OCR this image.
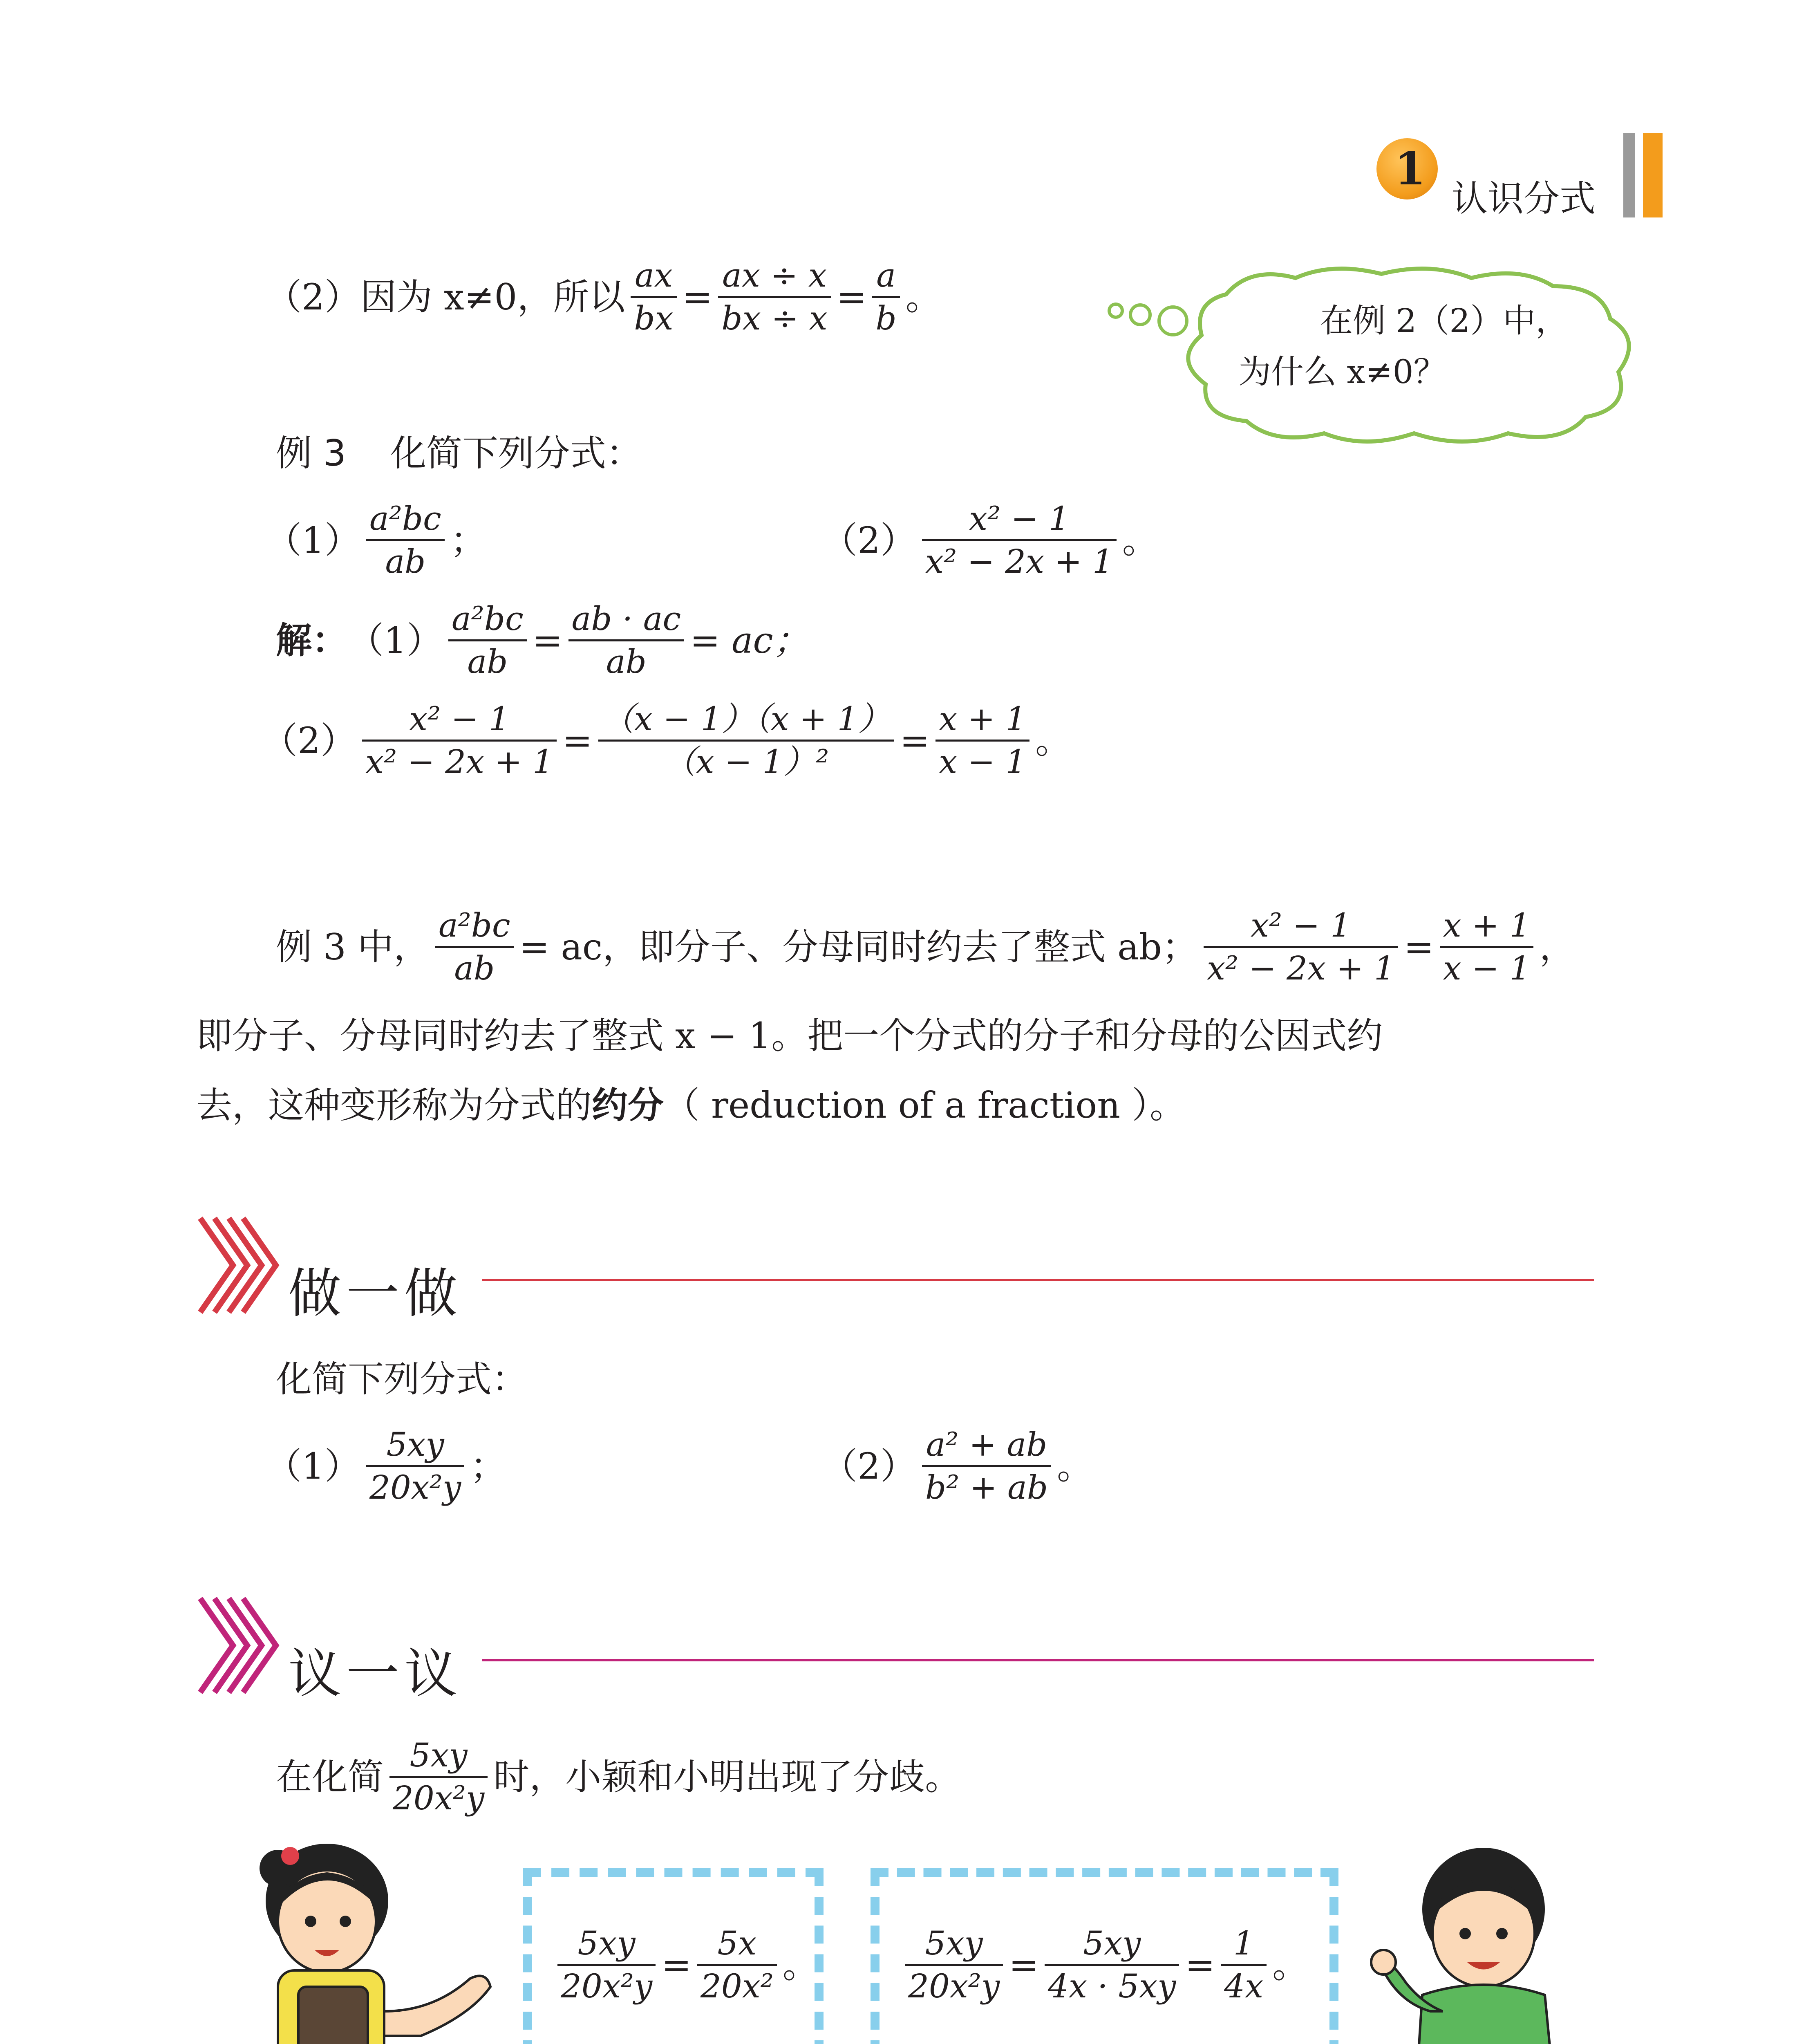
1
认识分式
（2）因为 x≠0，所以
ax
bx
=
ax ÷ x
bx ÷ x
=
a
b
。
在例 2（2）中，
为什么 x≠0？
例 3 化简下列分式：
（1）
a²bc
ab
；	（2）
x² − 1
x² − 2x + 1
。
解： （1）
a²bc
ab
=
ab · ac
ab
= ac；
（2）
x² − 1
x² − 2x + 1
=
（x − 1）（x + 1）
（x − 1）²
=
x + 1
x − 1
。
例 3 中，
a²bc
ab
= ac，即分子、分母同时约去了整式 ab；
x² − 1
x² − 2x + 1
=
x + 1
x − 1
，
即分子、分母同时约去了整式 x − 1。把一个分式的分子和分母的公因式约
去，这种变形称为分式的约分（ reduction of a fraction ）。
做一做
化简下列分式：
（1）
5xy
20x²y
；	（2）
a² + ab
b² + ab
。
议一议
在化简
5xy
20x²y
时，小颖和小明出现了分歧。
5xy
20x²y
=
5x
20x²
。
5xy
20x²y
=
5xy
4x · 5xy
=
1
4x
。
